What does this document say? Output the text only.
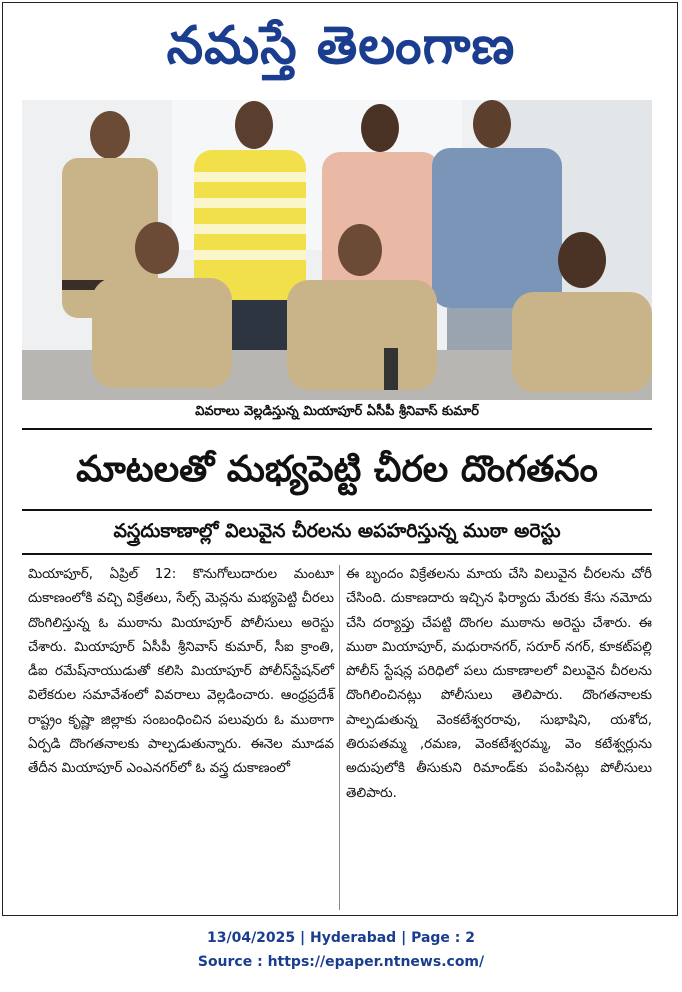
నమస్తే తెలంగాణ
వివరాలు వెల్లడిస్తున్న మియాపూర్ ఏసీపీ శ్రీనివాస్ కుమార్
మాటలతో మభ్యపెట్టి చీరల దొంగతనం
వస్త్రదుకాణాల్లో విలువైన చీరలను అపహరిస్తున్న ముఠా అరెస్టు

మియాపూర్, ఏప్రిల్ 12: కొనుగోలుదారుల మంటూ దుకాణంలోకి వచ్చి విక్రేతలు, సేల్స్ మెన్లను మభ్యపెట్టి చీరలు దొంగిలిస్తున్న ఓ ముఠాను మియాపూర్ పోలీసులు అరెస్టు చేశారు. మియాపూర్ ఏసీపీ శ్రీనివాస్ కుమార్, సీఐ క్రాంతి, డీఐ రమేష్‌నాయుడుతో కలిసి మియాపూర్ పోలీస్‌స్టేషన్‌లో విలేకరుల సమావేశంలో వివరాలు వెల్లడించారు. ఆంధ్రప్రదేశ్ రాష్ట్రం కృష్ణా జిల్లాకు సంబంధించిన పలువురు ఓ ముఠాగా ఏర్పడి దొంగతనాలకు పాల్పడుతున్నారు. ఈనెల మూడవ తేదీన మియాపూర్ ఎంఎనగర్‌లో ఓ వస్త్ర దుకాణంలో

ఈ బృందం విక్రేతలను మాయ చేసి విలువైన చీరలను చోరీ చేసింది. దుకాణదారు ఇచ్చిన ఫిర్యాదు మేరకు కేసు నమోదు చేసి దర్యాప్తు చేపట్టి దొంగల ముఠాను అరెస్టు చేశారు. ఈ ముఠా మియాపూర్, మధురానగర్, సరూర్‌ నగర్, కూకట్‌పల్లి పోలీస్ స్టేషన్ల పరిధిలో పలు దుకాణాలలో విలువైన చీరలను దొంగిలించినట్లు పోలీసులు తెలిపారు. దొంగతనాలకు పాల్పడుతున్న వెంకటేశ్వరరావు, సుభాషిని, యశోద, తిరుపతమ్మ ,రమణ, వెంకటేశ్వరమ్మ, వెం కటేశ్వర్లును అదుపులోకి తీసుకుని రిమాండ్‌కు పంపినట్లు పోలీసులు తెలిపారు.

13/04/2025 | Hyderabad | Page : 2
Source : https://epaper.ntnews.com/
